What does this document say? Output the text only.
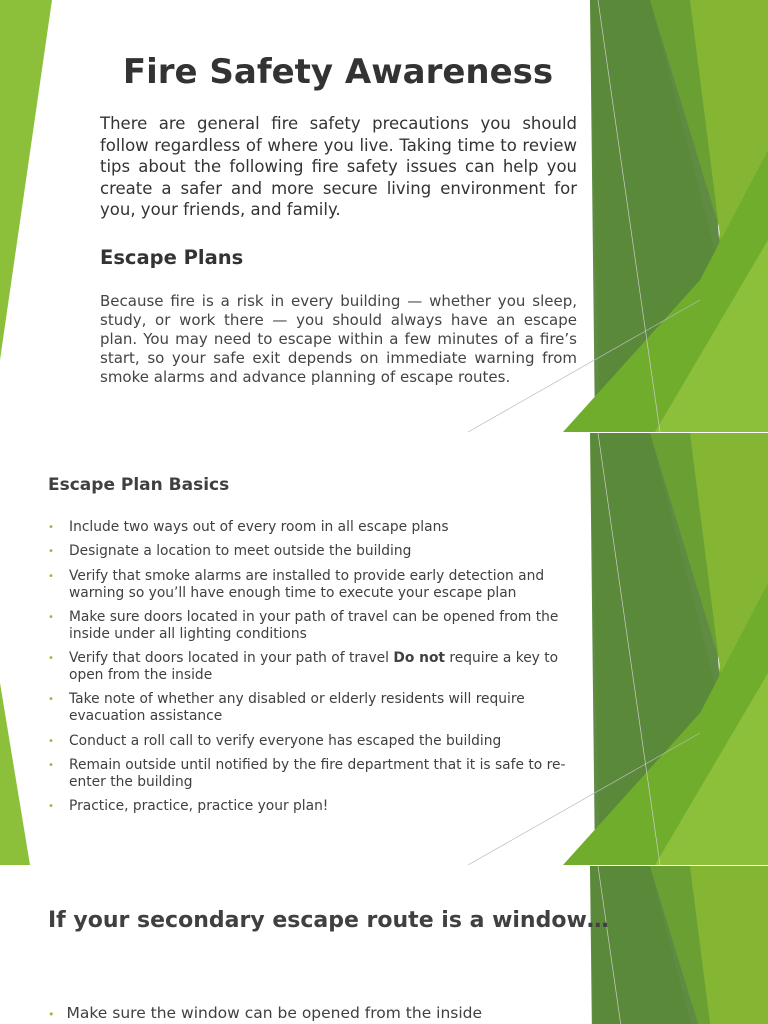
Fire Safety Awareness

There are general fire safety precautions you should follow regardless of where you live. Taking time to review tips about the following fire safety issues can help you create a safer and more secure living environment for you, your friends, and family.

Escape Plans

Because fire is a risk in every building — whether you sleep, study, or work there — you should always have an escape plan. You may need to escape within a few minutes of a fire’s start, so your safe exit depends on immediate warning from smoke alarms and advance planning of escape routes.

Escape Plan Basics
• Include two ways out of every room in all escape plans
• Designate a location to meet outside the building
• Verify that smoke alarms are installed to provide early detection and warning so you’ll have enough time to execute your escape plan
• Make sure doors located in your path of travel can be opened from the inside under all lighting conditions
• Verify that doors located in your path of travel Do not require a key to open from the inside
• Take note of whether any disabled or elderly residents will require evacuation assistance
• Conduct a roll call to verify everyone has escaped the building
• Remain outside until notified by the fire department that it is safe to re-enter the building
• Practice, practice, practice your plan!
If your secondary escape route is a window…
• Make sure the window can be opened from the inside
